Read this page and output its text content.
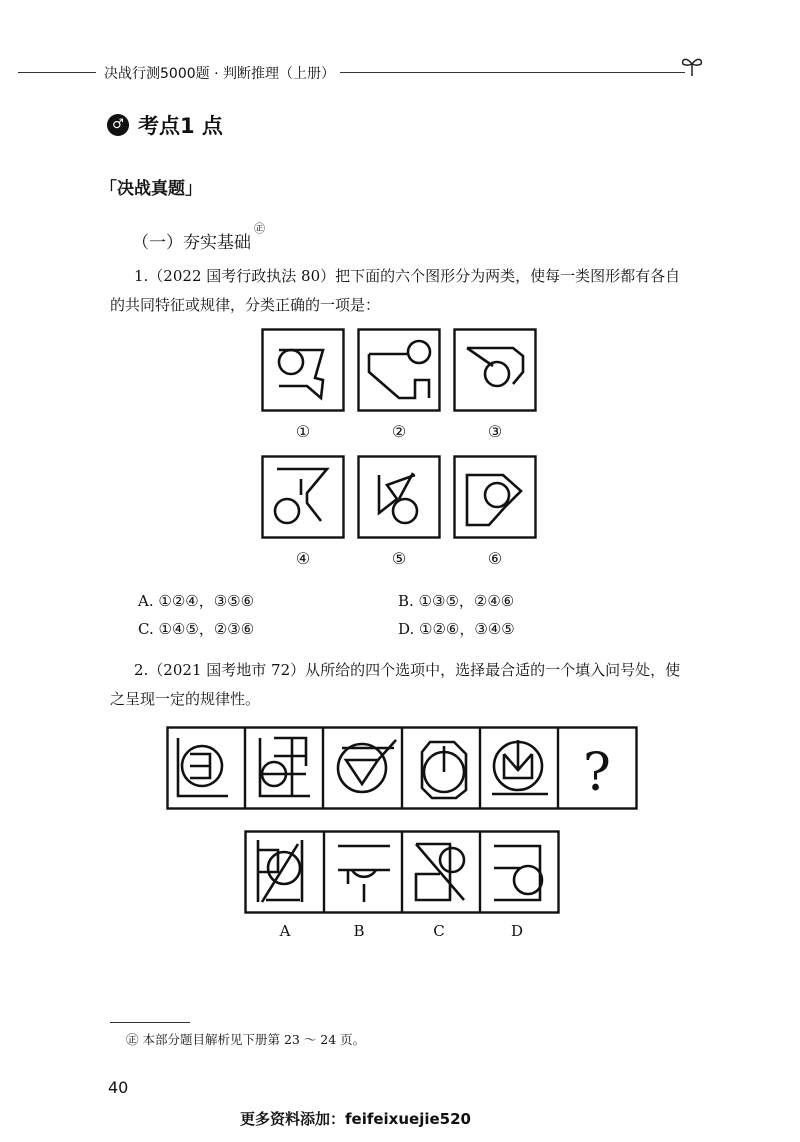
决战行测5000题 · 判断推理（上册）
♂ 考点1 点
「决战真题」
（一）夯实基础
㊣
1.（2022 国考行政执法 80）把下面的六个图形分为两类，使每一类图形都有各自的共同特征或规律，分类正确的一项是：
①	②	③
④	⑤	⑥
A. ①②④，③⑤⑥	B. ①③⑤，②④⑥
C. ①④⑤，②③⑥	D. ①②⑥，③④⑤
2.（2021 国考地市 72）从所给的四个选项中，选择最合适的一个填入问号处，使之呈现一定的规律性。
?
A	B	C	D
㊣ 本部分题目解析见下册第 23 ～ 24 页。
40
更多资料添加：feifeixuejie520
